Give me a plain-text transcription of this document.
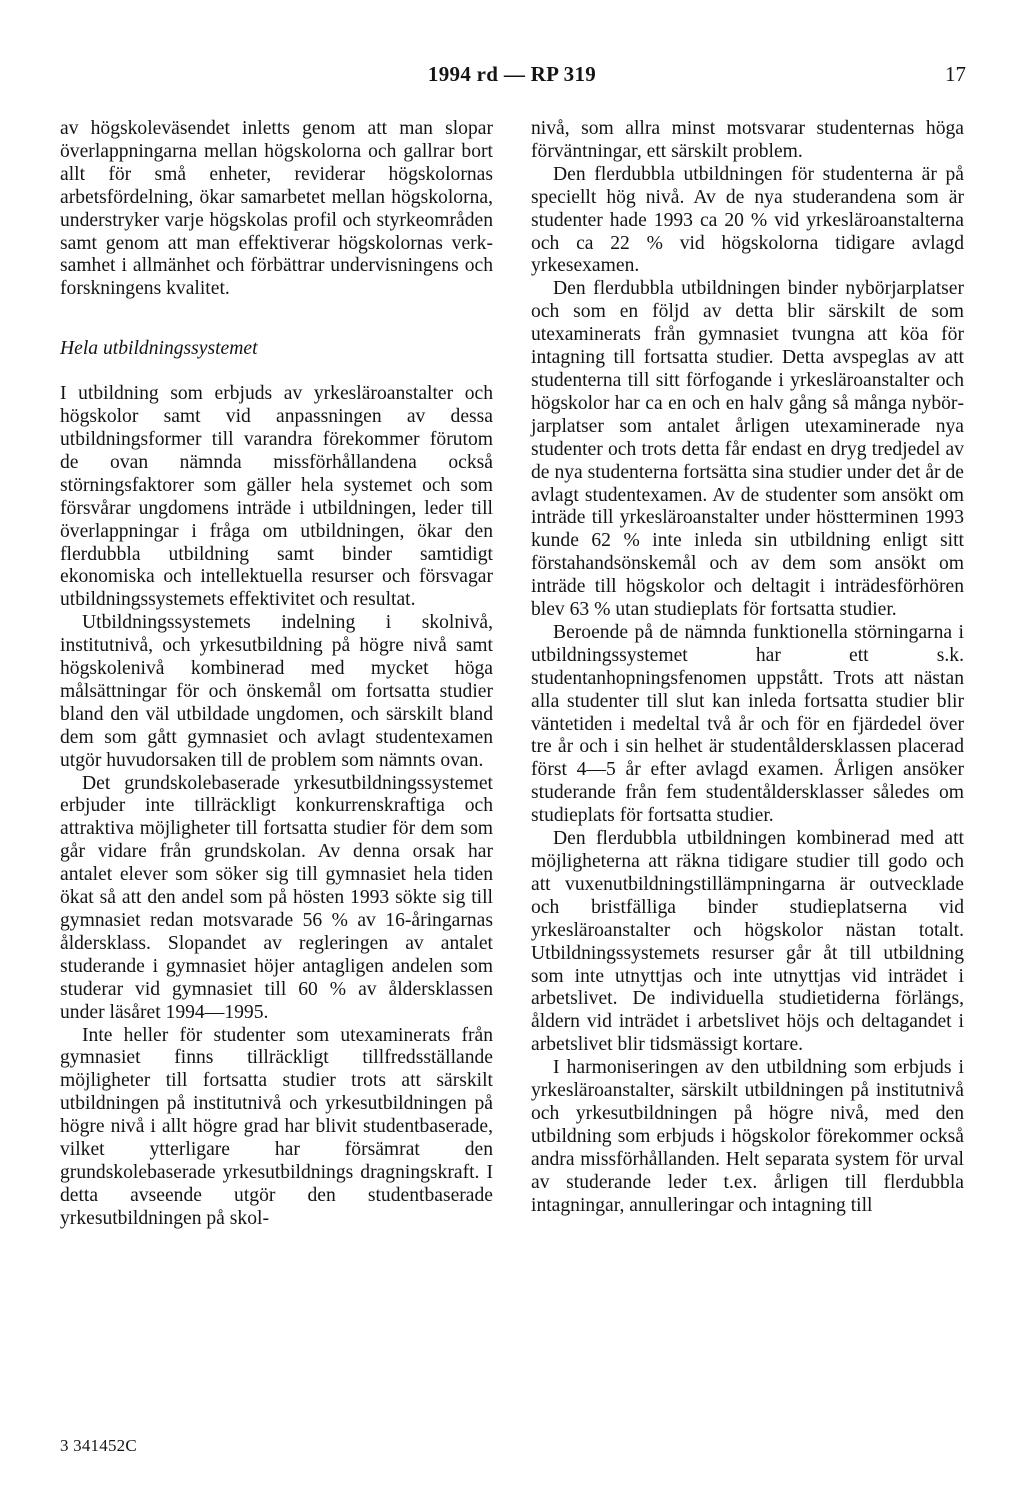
1994 rd — RP 319	17

av högskoleväsendet inletts genom att man slopar överlappningarna mellan högskolorna och gallrar bort allt för små enheter, reviderar högskolornas arbetsfördelning, ökar samarbetet mellan högskolorna, understryker varje högskolas profil och styrkeområden samt genom att man effektiverar högskolornas verksamhet i allmänhet och förbättrar undervisningens och forskningens kvalitet.

Hela utbildningssystemet

I utbildning som erbjuds av yrkesläroanstalter och högskolor samt vid anpassningen av dessa utbildningsformer till varandra förekommer förutom de ovan nämnda missförhållandena också störningsfaktorer som gäller hela systemet och som försvårar ungdomens inträde i utbildningen, leder till överlappningar i fråga om utbildningen, ökar den flerdubbla utbildning samt binder samtidigt ekonomiska och intellektuella resurser och försvagar utbildningssystemets effektivitet och resultat.

Utbildningssystemets indelning i skolnivå, institutnivå, och yrkesutbildning på högre nivå samt högskolenivå kombinerad med mycket höga målsättningar för och önskemål om fortsatta studier bland den väl utbildade ungdomen, och särskilt bland dem som gått gymnasiet och avlagt studentexamen utgör huvudorsaken till de problem som nämnts ovan.

Det grundskolebaserade yrkesutbildningssystemet erbjuder inte tillräckligt konkurrenskraftiga och attraktiva möjligheter till fortsatta studier för dem som går vidare från grundskolan. Av denna orsak har antalet elever som söker sig till gymnasiet hela tiden ökat så att den andel som på hösten 1993 sökte sig till gymnasiet redan motsvarade 56 % av 16-åringarnas åldersklass. Slopandet av regleringen av antalet studerande i gymnasiet höjer antagligen andelen som studerar vid gymnasiet till 60 % av åldersklassen under läsåret 1994—1995.

Inte heller för studenter som utexaminerats från gymnasiet finns tillräckligt tillfredsställande möjligheter till fortsatta studier trots att särskilt utbildningen på institutnivå och yrkesutbildningen på högre nivå i allt högre grad har blivit studentbaserade, vilket ytterligare har försämrat den grundskolebaserade yrkesutbildnings dragningskraft. I detta avseende utgör den studentbaserade yrkesutbildningen på skol-

nivå, som allra minst motsvarar studenternas höga förväntningar, ett särskilt problem.

Den flerdubbla utbildningen för studenterna är på speciellt hög nivå. Av de nya studerandena som är studenter hade 1993 ca 20 % vid yrkesläroanstalterna och ca 22 % vid högskolorna tidigare avlagd yrkesexamen.

Den flerdubbla utbildningen binder nybörjarplatser och som en följd av detta blir särskilt de som utexaminerats från gymnasiet tvungna att köa för intagning till fortsatta studier. Detta avspeglas av att studenterna till sitt förfogande i yrkesläroanstalter och högskolor har ca en och en halv gång så många nybörjarplatser som antalet årligen utexaminerade nya studenter och trots detta får endast en dryg tredjedel av de nya studenterna fortsätta sina studier under det år de avlagt studentexamen. Av de studenter som ansökt om inträde till yrkesläroanstalter under höstterminen 1993 kunde 62 % inte inleda sin utbildning enligt sitt förstahandsönskemål och av dem som ansökt om inträde till högskolor och deltagit i inträdesförhören blev 63 % utan studieplats för fortsatta studier.

Beroende på de nämnda funktionella störningarna i utbildningssystemet har ett s.k. studentanhopningsfenomen uppstått. Trots att nästan alla studenter till slut kan inleda fortsatta studier blir väntetiden i medeltal två år och för en fjärdedel över tre år och i sin helhet är studentåldersklassen placerad först 4—5 år efter avlagd examen. Årligen ansöker studerande från fem studentåldersklasser således om studieplats för fortsatta studier.

Den flerdubbla utbildningen kombinerad med att möjligheterna att räkna tidigare studier till godo och att vuxenutbildningstillämpningarna är outvecklade och bristfälliga binder studieplatserna vid yrkesläroanstalter och högskolor nästan totalt. Utbildningssystemets resurser går åt till utbildning som inte utnyttjas och inte utnyttjas vid inträdet i arbetslivet. De individuella studietiderna förlängs, åldern vid inträdet i arbetslivet höjs och deltagandet i arbetslivet blir tidsmässigt kortare.

I harmoniseringen av den utbildning som erbjuds i yrkesläroanstalter, särskilt utbildningen på institutnivå och yrkesutbildningen på högre nivå, med den utbildning som erbjuds i högskolor förekommer också andra missförhållanden. Helt separata system för urval av studerande leder t.ex. årligen till flerdubbla intagningar, annulleringar och intagning till

3 341452C
